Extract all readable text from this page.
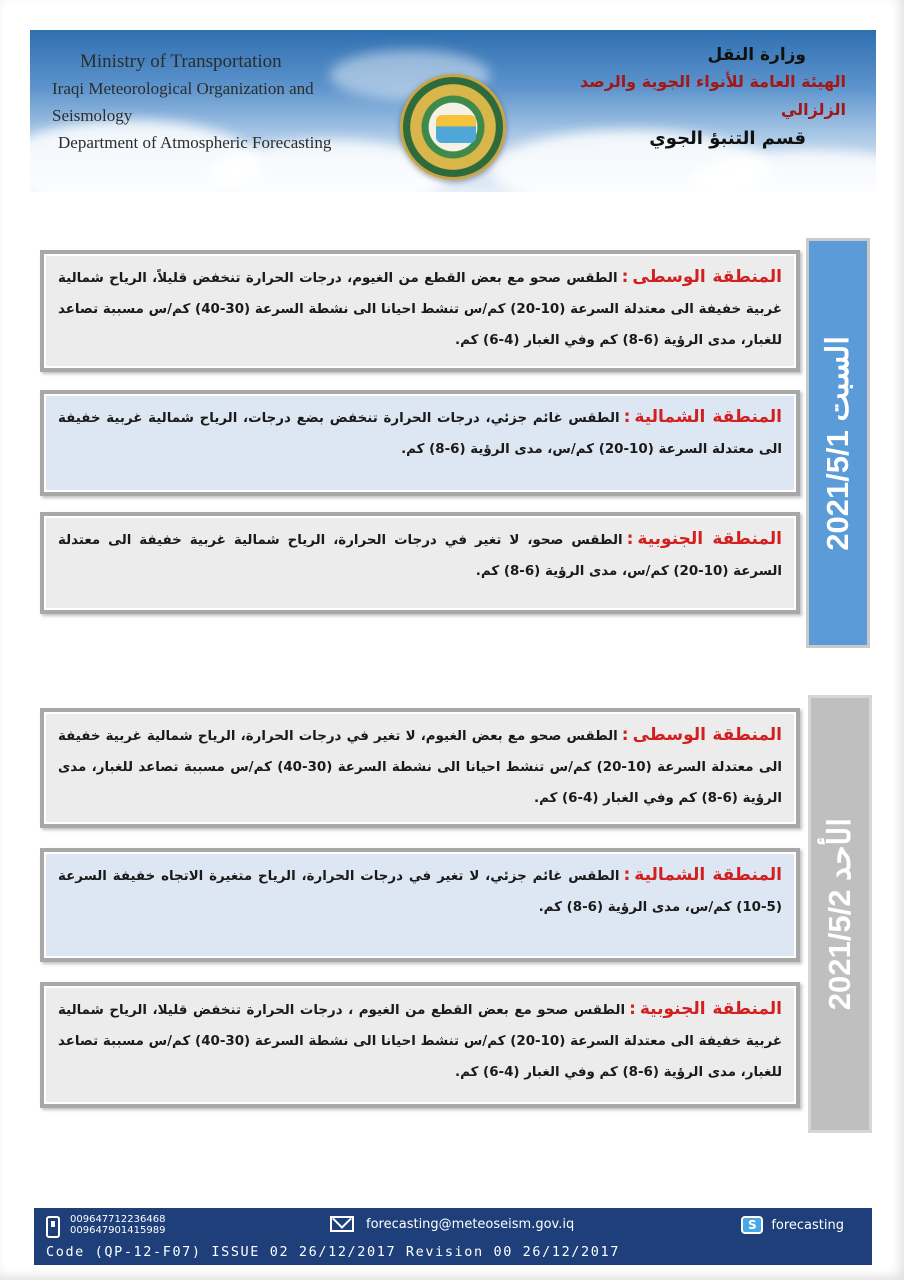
Ministry of Transportation
Iraqi Meteorological Organization and Seismology
Department of Atmospheric Forecasting
وزارة النقل
الهيئة العامة للأنواء الجوية والرصد الزلزالي
قسم التنبؤ الجوي
السبت 2021/5/1
المنطقة الوسطى:الطقس صحو مع بعض القطع من الغيوم، درجات الحرارة تنخفض قليلاً، الرياح شمالية غربية خفيفة الى معتدلة السرعة (10-20) كم/س تنشط احيانا الى نشطة السرعة (30-40) كم/س مسببة تصاعد للغبار، مدى الرؤية (6-8) كم وفي الغبار (4-6) كم.
المنطقة الشمالية:الطقس غائم جزئي، درجات الحرارة تنخفض بضع درجات، الرياح شمالية غربية خفيفة الى معتدلة السرعة (10-20) كم/س، مدى الرؤية (6-8) كم.
المنطقة الجنوبية:الطقس صحو، لا تغير في درجات الحرارة، الرياح شمالية غربية خفيفة الى معتدلة السرعة (10-20) كم/س، مدى الرؤية (6-8) كم.
الأحد 2021/5/2
المنطقة الوسطى:الطقس صحو مع بعض الغيوم، لا تغير في درجات الحرارة، الرياح شمالية غربية خفيفة الى معتدلة السرعة (10-20) كم/س تنشط احيانا الى نشطة السرعة (30-40) كم/س مسببة تصاعد للغبار، مدى الرؤية (6-8) كم وفي الغبار (4-6) كم.
المنطقة الشمالية:الطقس غائم جزئي، لا تغير في درجات الحرارة، الرياح متغيرة الاتجاه خفيفة السرعة (5-10) كم/س، مدى الرؤية (6-8) كم.
المنطقة الجنوبية:الطقس صحو مع بعض القطع من الغيوم ، درجات الحرارة تنخفض قليلا، الرياح شمالية غربية خفيفة الى معتدلة السرعة (10-20) كم/س تنشط احيانا الى نشطة السرعة (30-40) كم/س مسببة تصاعد للغبار، مدى الرؤية (6-8) كم وفي الغبار (4-6) كم.
009647712236468
009647901415989	forecasting@meteoseism.gov.iq	S	forecasting
Code (QP-12-F07) ISSUE 02 26/12/2017 Revision 00 26/12/2017
